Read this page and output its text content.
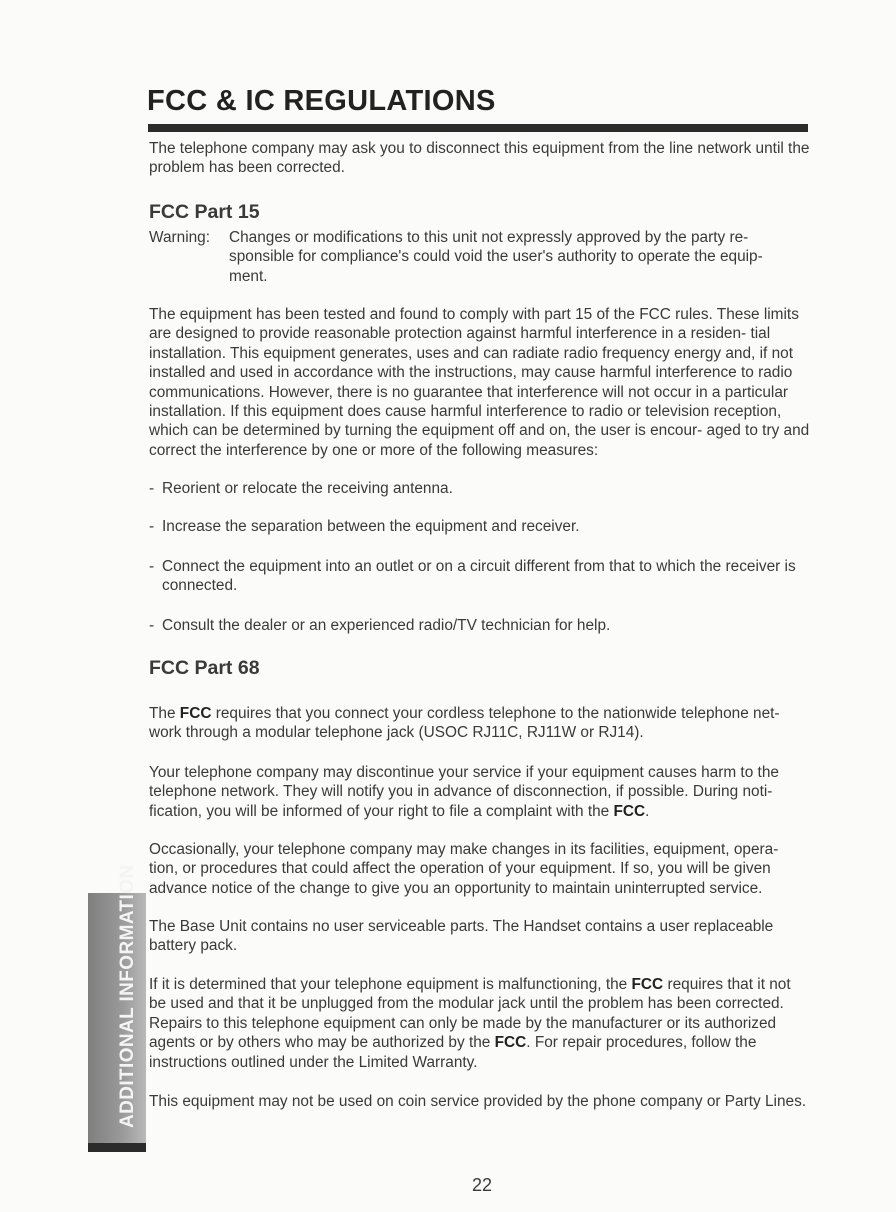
FCC & IC REGULATIONS

The telephone company may ask you to disconnect this equipment from the line network until the problem has been corrected.

FCC Part 15
Warning: Changes or modifications to this unit not expressly approved by the party re- sponsible for compliance's could void the user's authority to operate the equip- ment.

The equipment has been tested and found to comply with part 15 of the FCC rules. These limits are designed to provide reasonable protection against harmful interference in a residen- tial installation. This equipment generates, uses and can radiate radio frequency energy and, if not installed and used in accordance with the instructions, may cause harmful interference to radio communications. However, there is no guarantee that interference will not occur in a particular installation. If this equipment does cause harmful interference to radio or television reception, which can be determined by turning the equipment off and on, the user is encour- aged to try and correct the interference by one or more of the following measures:

- Reorient or relocate the receiving antenna.
- Increase the separation between the equipment and receiver.
- Connect the equipment into an outlet or on a circuit different from that to which the receiver is connected.
- Consult the dealer or an experienced radio/TV technician for help.
FCC Part 68

The FCC requires that you connect your cordless telephone to the nationwide telephone net- work through a modular telephone jack (USOC RJ11C, RJ11W or RJ14).

Your telephone company may discontinue your service if your equipment causes harm to the telephone network. They will notify you in advance of disconnection, if possible. During noti- fication, you will be informed of your right to file a complaint with the FCC.

Occasionally, your telephone company may make changes in its facilities, equipment, opera- tion, or procedures that could affect the operation of your equipment. If so, you will be given advance notice of the change to give you an opportunity to maintain uninterrupted service.

The Base Unit contains no user serviceable parts. The Handset contains a user replaceable battery pack.

If it is determined that your telephone equipment is malfunctioning, the FCC requires that it not be used and that it be unplugged from the modular jack until the problem has been corrected. Repairs to this telephone equipment can only be made by the manufacturer or its authorized agents or by others who may be authorized by the FCC. For repair procedures, follow the instructions outlined under the Limited Warranty.

This equipment may not be used on coin service provided by the phone company or Party Lines.

ADDITIONAL INFORMATION
22
